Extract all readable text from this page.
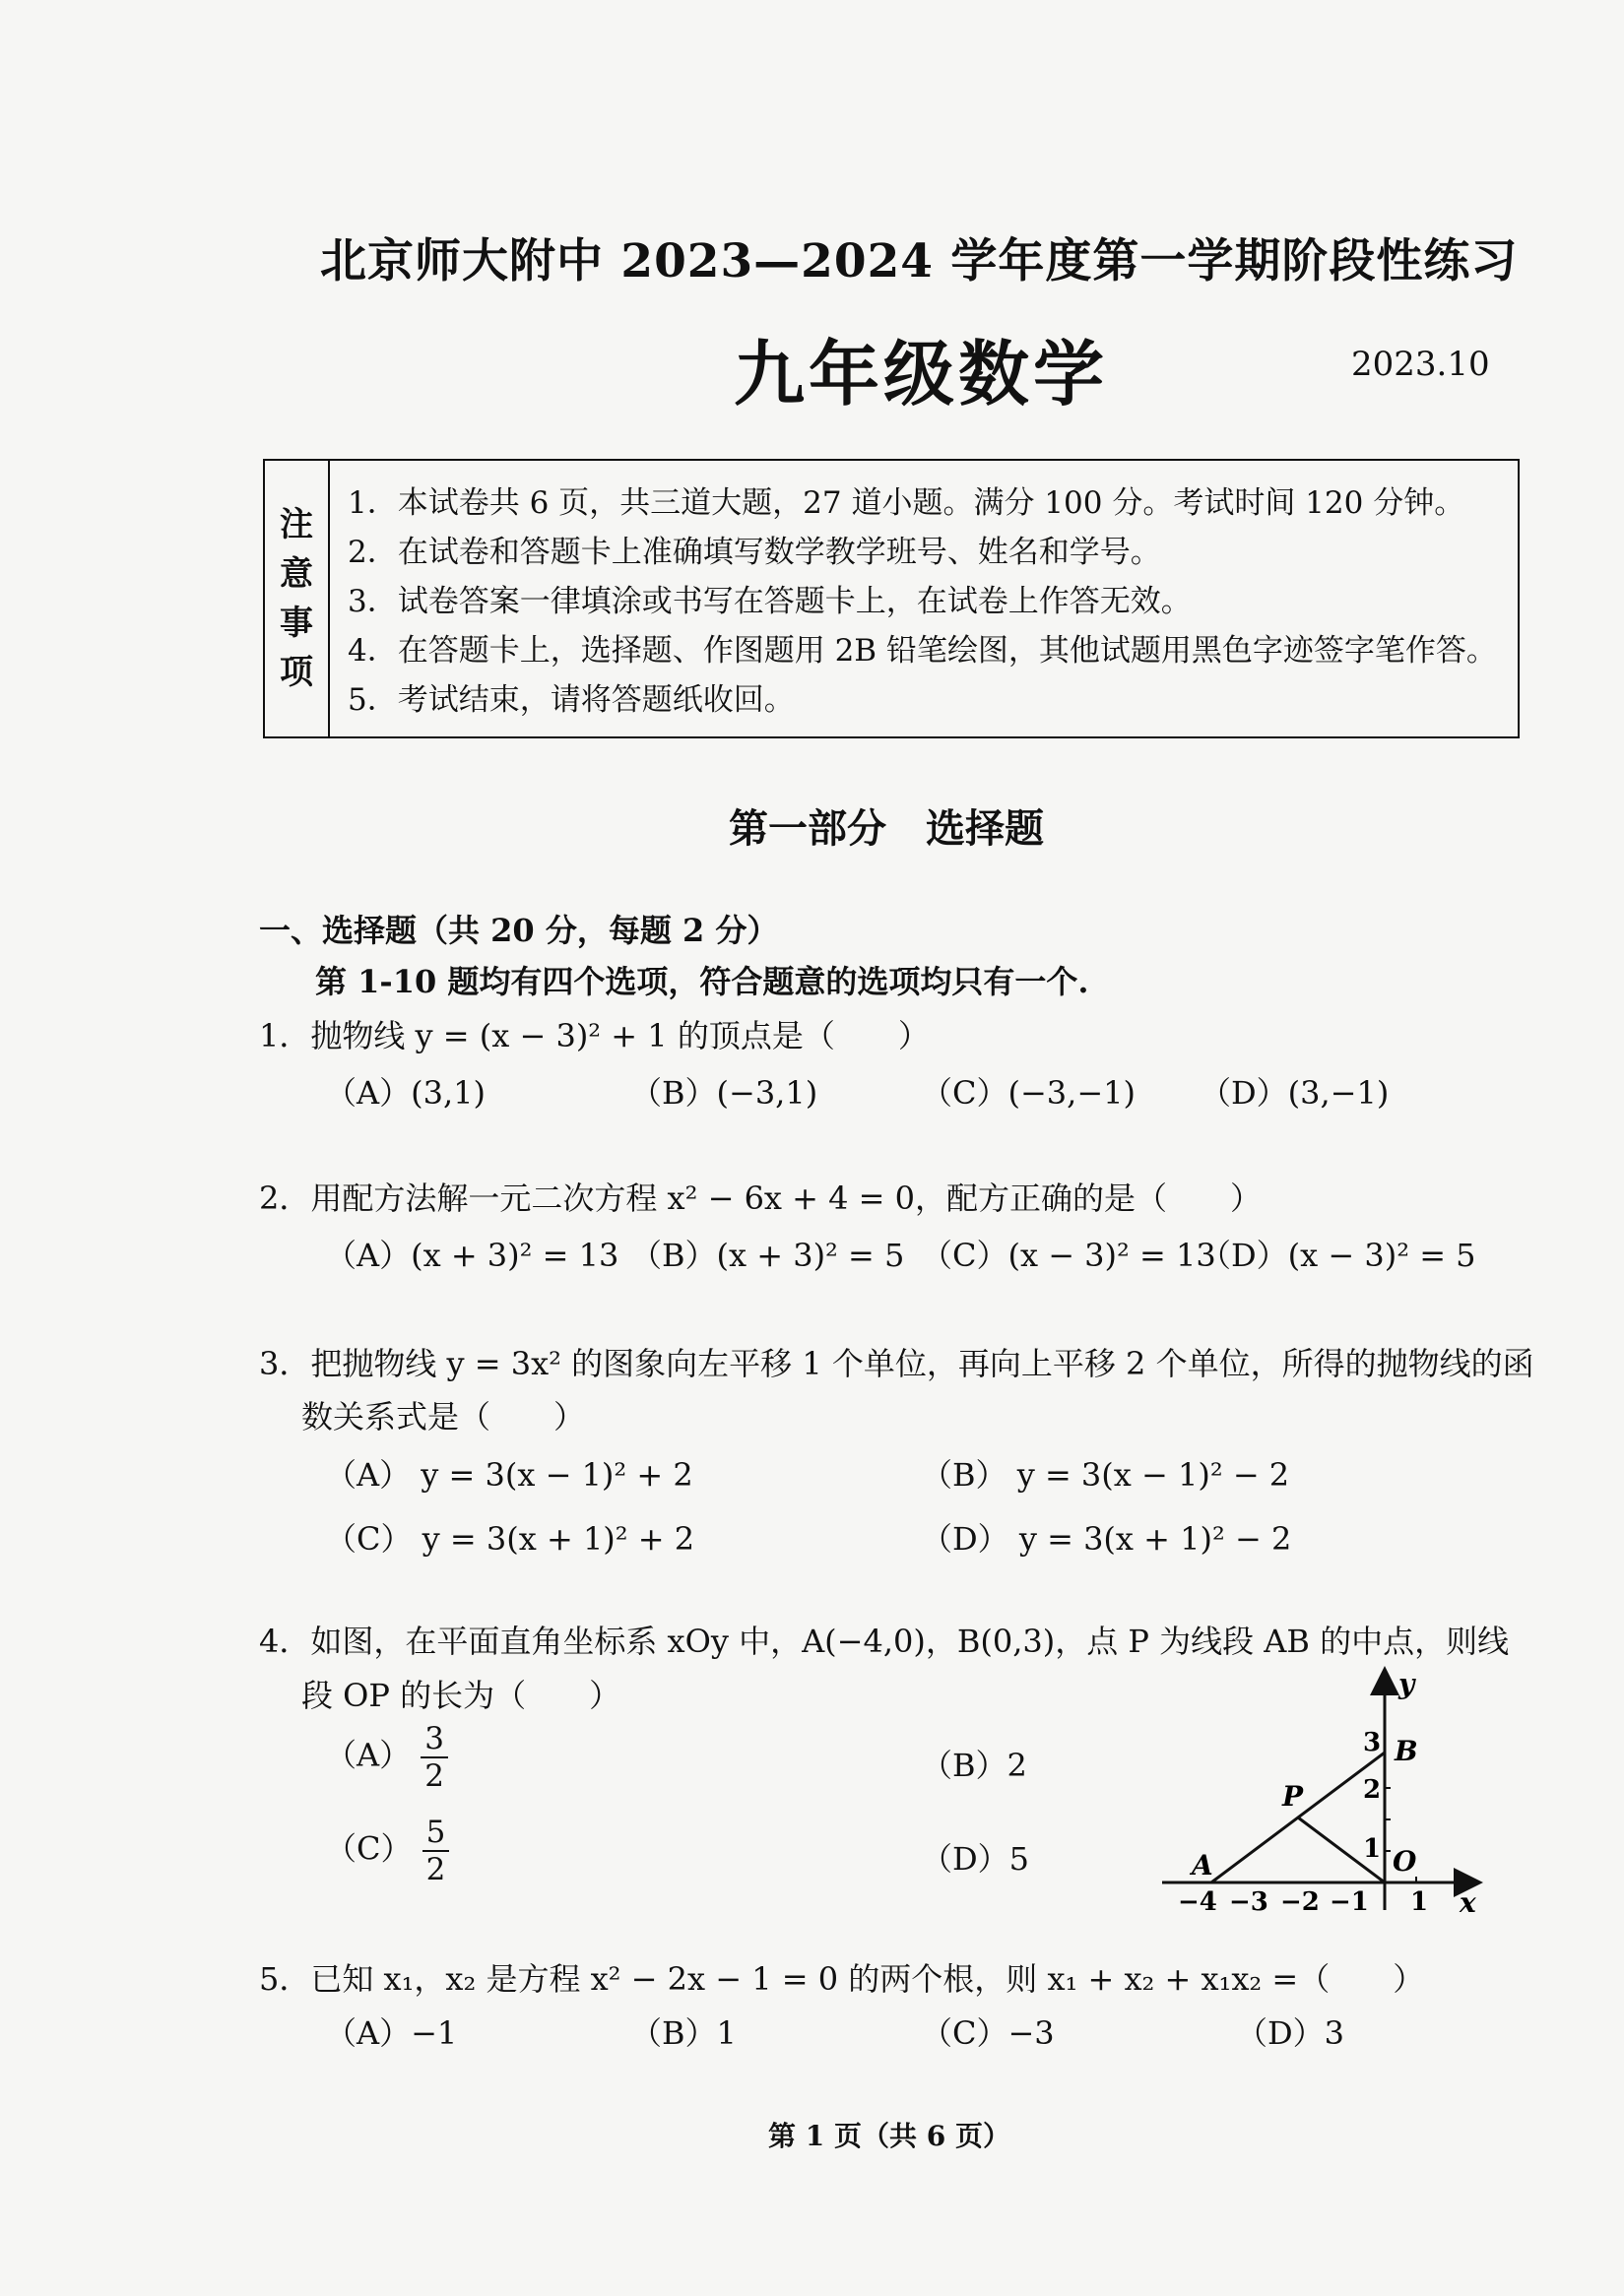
北京师大附中 2023—2024 学年度第一学期阶段性练习
九年级数学	2023.10
注
意
事
项
1．本试卷共 6 页，共三道大题，27 道小题。满分 100 分。考试时间 120 分钟。
2．在试卷和答题卡上准确填写数学教学班号、姓名和学号。
3．试卷答案一律填涂或书写在答题卡上，在试卷上作答无效。
4．在答题卡上，选择题、作图题用 2B 铅笔绘图，其他试题用黑色字迹签字笔作答。
5．考试结束，请将答题纸收回。
第一部分　选择题
一、选择题（共 20 分，每题 2 分）
第 1-10 题均有四个选项，符合题意的选项均只有一个.
1．抛物线 y = (x − 3)² + 1 的顶点是（　　）
（A）(3,1)	（B）(−3,1)	（C）(−3,−1) （D）(3,−1)
2．用配方法解一元二次方程 x² − 6x + 4 = 0，配方正确的是（　　）
（A）(x + 3)² = 13 （B）(x + 3)² = 5 （C）(x − 3)² = 13
（D）(x − 3)² = 5
3．把抛物线 y = 3x² 的图象向左平移 1 个单位，再向上平移 2 个单位，所得的抛物线的函
数关系式是（　　）
（A） y = 3(x − 1)² + 2	（B） y = 3(x − 1)² − 2
（C） y = 3(x + 1)² + 2	（D） y = 3(x + 1)² − 2
4．如图，在平面直角坐标系 xOy 中，A(−4,0)，B(0,3)，点 P 为线段 AB 的中点，则线
段 OP 的长为（　　）
$(A) \frac{3}{2}$	（B）2
$(C) \frac{5}{2}$	（D）5
y
x
A
B
P
O
−4 −3 −2 −1 1
1
2
3
5．已知 x₁，x₂ 是方程 x² − 2x − 1 = 0 的两个根，则 x₁ + x₂ + x₁x₂ =（　　）
（A）−1	（B）1	（C）−3	（D）3
第 1 页（共 6 页）
